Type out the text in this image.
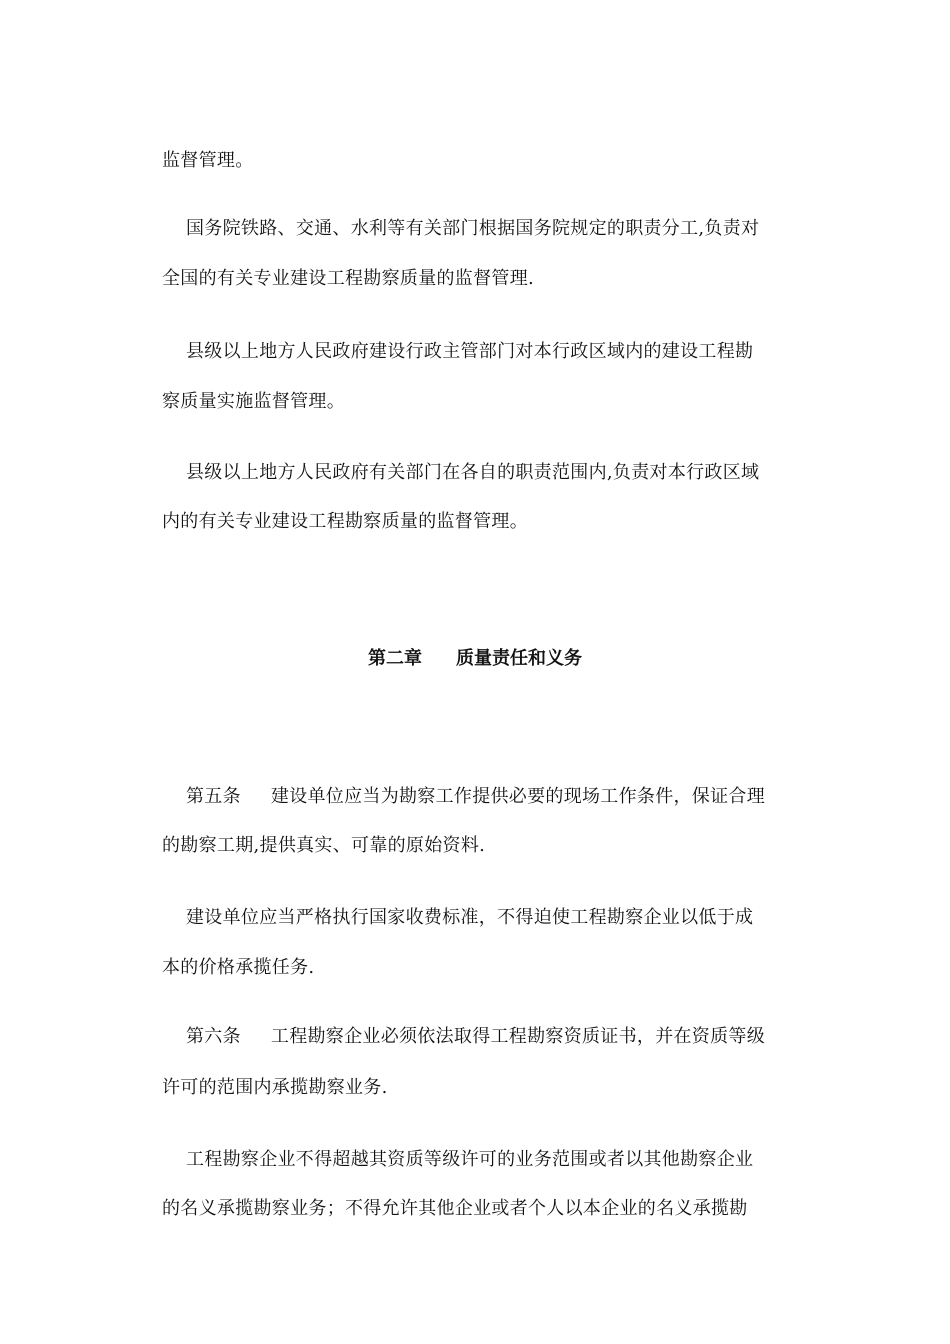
监督管理。
国务院铁路、交通、水利等有关部门根据国务院规定的职责分工,负责对
全国的有关专业建设工程勘察质量的监督管理.
县级以上地方人民政府建设行政主管部门对本行政区域内的建设工程勘
察质量实施监督管理。
县级以上地方人民政府有关部门在各自的职责范围内,负责对本行政区域
内的有关专业建设工程勘察质量的监督管理。
第二章 质量责任和义务
第五条 建设单位应当为勘察工作提供必要的现场工作条件，保证合理
的勘察工期,提供真实、可靠的原始资料.
建设单位应当严格执行国家收费标准，不得迫使工程勘察企业以低于成
本的价格承揽任务.
第六条 工程勘察企业必须依法取得工程勘察资质证书，并在资质等级
许可的范围内承揽勘察业务.
工程勘察企业不得超越其资质等级许可的业务范围或者以其他勘察企业
的名义承揽勘察业务；不得允许其他企业或者个人以本企业的名义承揽勘
